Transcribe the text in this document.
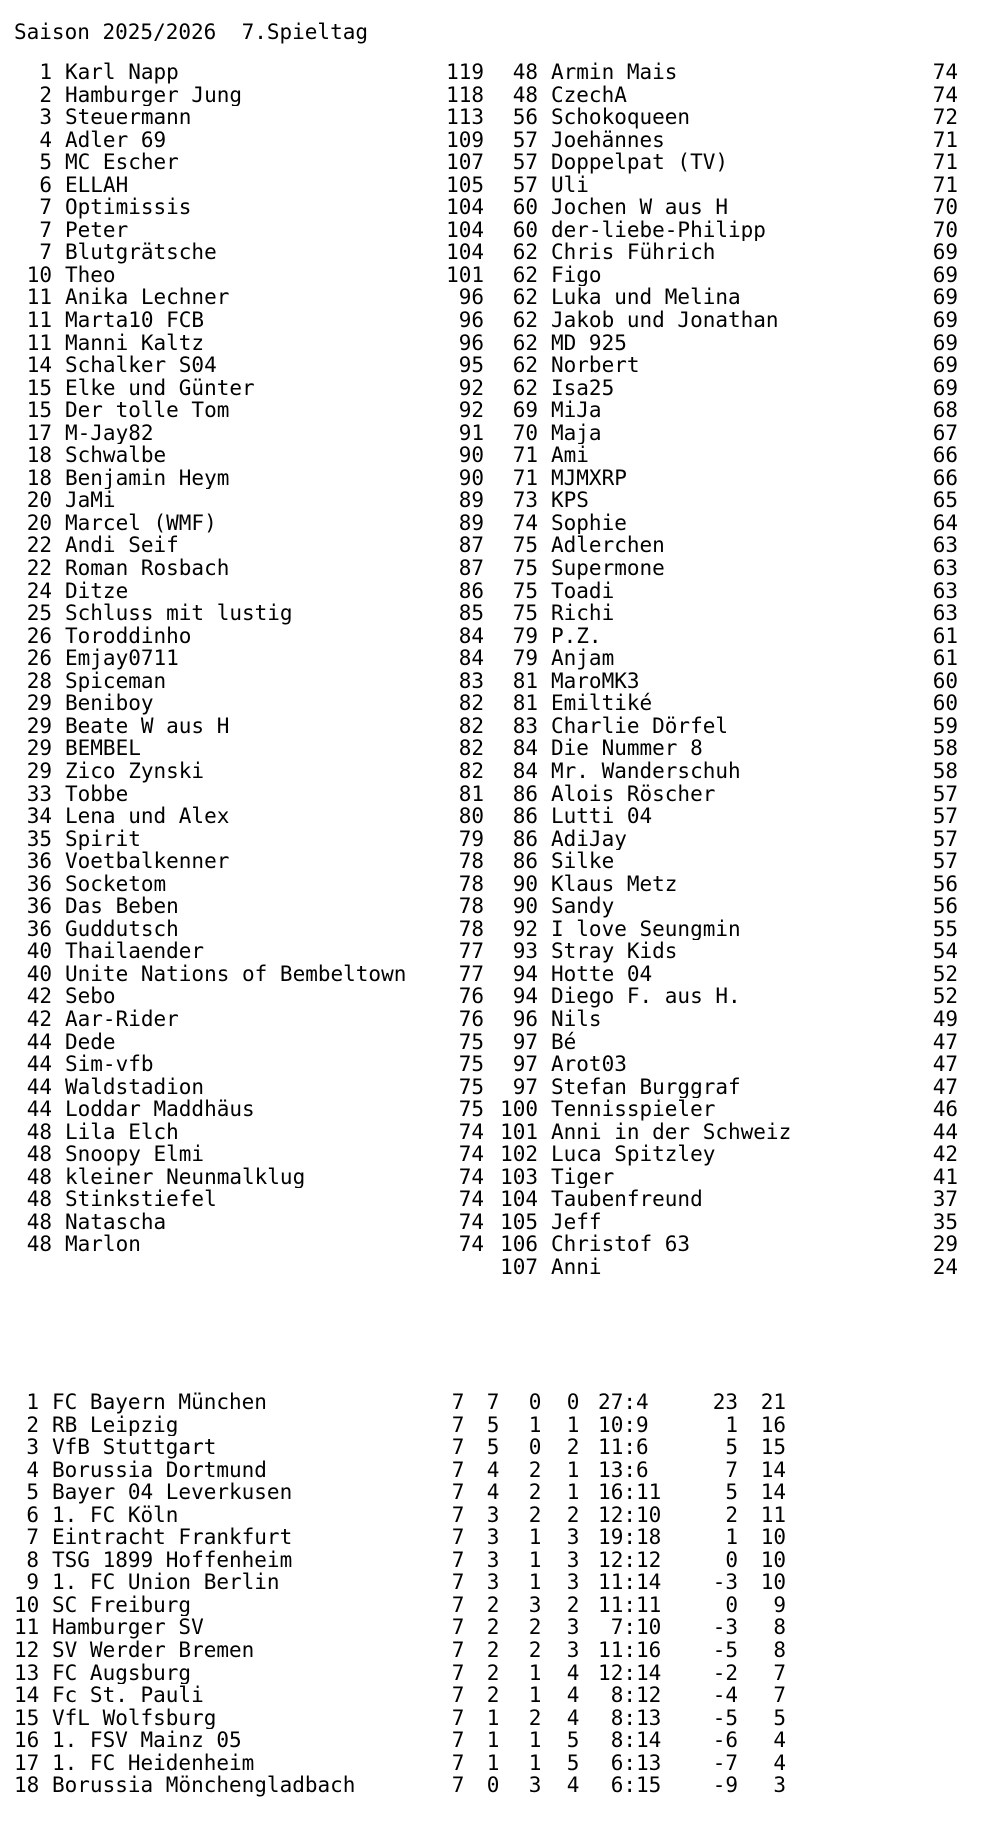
Saison 2025/2026  7.Spieltag
1 Karl Napp	119
2 Hamburger Jung	118
3 Steuermann	113
4 Adler 69	109
5 MC Escher	107
6 ELLAH	105
7 Optimissis	104
7 Peter	104
7 Blutgrätsche	104
10 Theo	101
11 Anika Lechner	96
11 Marta10 FCB	96
11 Manni Kaltz	96
14 Schalker S04	95
15 Elke und Günter	92
15 Der tolle Tom	92
17 M-Jay82	91
18 Schwalbe	90
18 Benjamin Heym	90
20 JaMi	89
20 Marcel (WMF)	89
22 Andi Seif	87
22 Roman Rosbach	87
24 Ditze	86
25 Schluss mit lustig	85
26 Toroddinho	84
26 Emjay0711	84
28 Spiceman	83
29 Beniboy	82
29 Beate W aus H	82
29 BEMBEL	82
29 Zico Zynski	82
33 Tobbe	81
34 Lena und Alex	80
35 Spirit	79
36 Voetbalkenner	78
36 Socketom	78
36 Das Beben	78
36 Guddutsch	78
40 Thailaender	77
40 Unite Nations of Bembeltown	77
42 Sebo	76
42 Aar-Rider	76
44 Dede	75
44 Sim-vfb	75
44 Waldstadion	75
44 Loddar Maddhäus	75
48 Lila Elch	74
48 Snoopy Elmi	74
48 kleiner Neunmalklug	74
48 Stinkstiefel	74
48 Natascha	74
48 Marlon	74
48 Armin Mais	74
48 CzechA	74
56 Schokoqueen	72
57 Joehännes	71
57 Doppelpat (TV)	71
57 Uli	71
60 Jochen W aus H	70
60 der-liebe-Philipp	70
62 Chris Führich	69
62 Figo	69
62 Luka und Melina	69
62 Jakob und Jonathan	69
62 MD 925	69
62 Norbert	69
62 Isa25	69
69 MiJa	68
70 Maja	67
71 Ami	66
71 MJMXRP	66
73 KPS	65
74 Sophie	64
75 Adlerchen	63
75 Supermone	63
75 Toadi	63
75 Richi	63
79 P.Z.	61
79 Anjam	61
81 MaroMK3	60
81 Emiltiké	60
83 Charlie Dörfel	59
84 Die Nummer 8	58
84 Mr. Wanderschuh	58
86 Alois Röscher	57
86 Lutti 04	57
86 AdiJay	57
86 Silke	57
90 Klaus Metz	56
90 Sandy	56
92 I love Seungmin	55
93 Stray Kids	54
94 Hotte 04	52
94 Diego F. aus H.	52
96 Nils	49
97 Bé	47
97 Arot03	47
97 Stefan Burggraf	47
100 Tennisspieler	46
101 Anni in der Schweiz	44
102 Luca Spitzley	42
103 Tiger	41
104 Taubenfreund	37
105 Jeff	35
106 Christof 63	29
107 Anni	24
1 FC Bayern München	7	7	0	0 27 : 4	23	21
2 RB Leipzig	7	5	1	1 10 : 9	1	16
3 VfB Stuttgart	7	5	0	2 11 : 6	5	15
4 Borussia Dortmund	7	4	2	1 13 : 6	7	14
5 Bayer 04 Leverkusen	7	4	2	1 16 : 11	5	14
6 1. FC Köln	7	3	2	2 12 : 10	2	11
7 Eintracht Frankfurt	7	3	1	3 19 : 18	1	10
8 TSG 1899 Hoffenheim	7	3	1	3 12 : 12	0	10
9 1. FC Union Berlin	7	3	1	3 11 : 14	-3	10
10 SC Freiburg	7	2	3	2 11 : 11	0	9
11 Hamburger SV	7	2	2	3	7 : 10	-3	8
12 SV Werder Bremen	7	2	2	3 11 : 16	-5	8
13 FC Augsburg	7	2	1	4 12 : 14	-2	7
14 Fc St. Pauli	7	2	1	4	8 : 12	-4	7
15 VfL Wolfsburg	7	1	2	4	8 : 13	-5	5
16 1. FSV Mainz 05	7	1	1	5	8 : 14	-6	4
17 1. FC Heidenheim	7	1	1	5	6 : 13	-7	4
18 Borussia Mönchengladbach	7	0	3	4	6 : 15	-9	3
